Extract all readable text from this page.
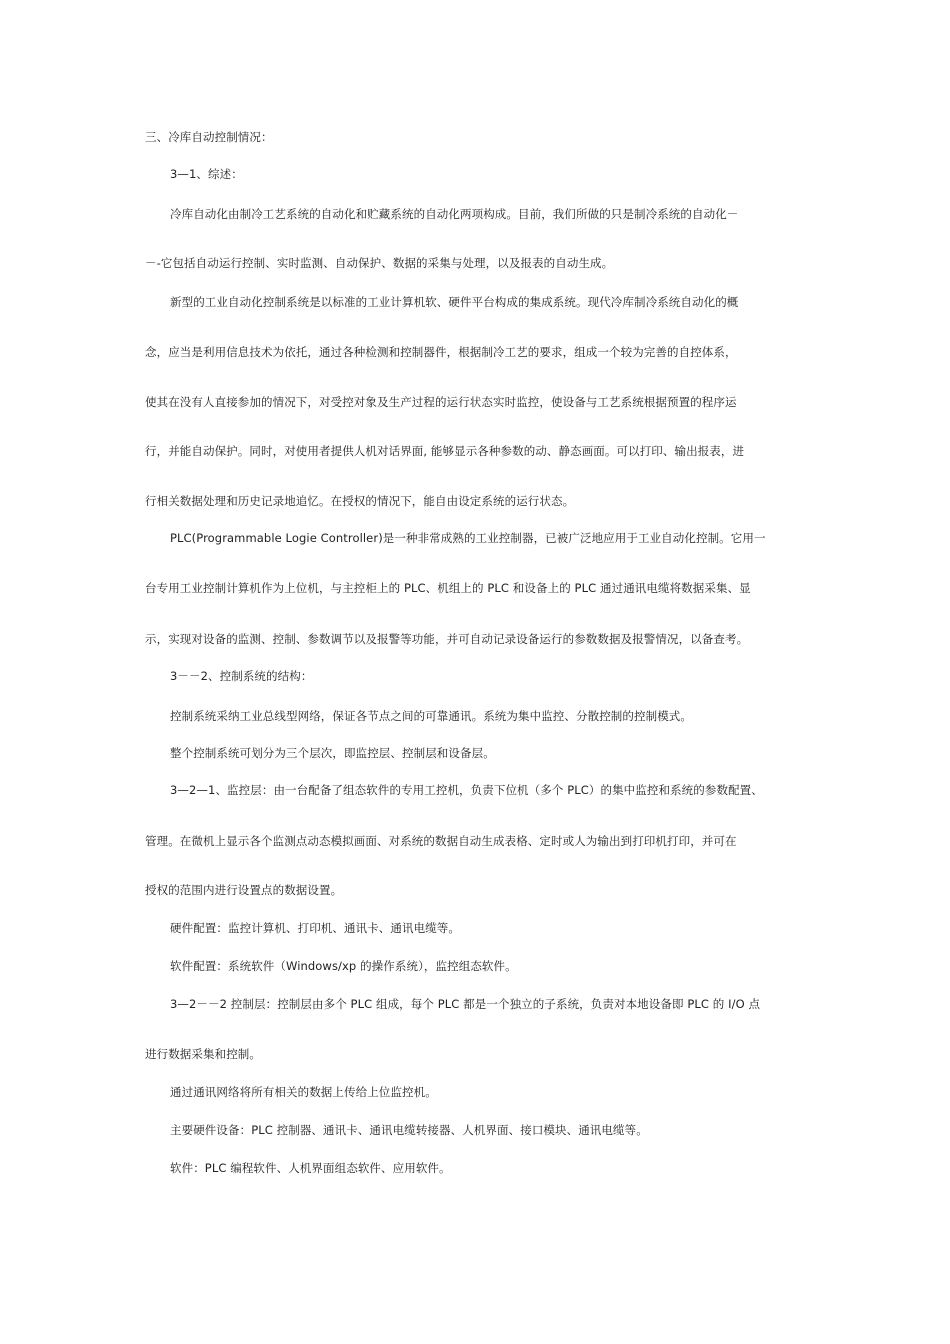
三、冷库自动控制情况：
3—1、综述：
冷库自动化由制冷工艺系统的自动化和贮藏系统的自动化两项构成。目前，我们所做的只是制冷系统的自动化－
－-它包括自动运行控制、实时监测、自动保护、数据的采集与处理，以及报表的自动生成。
新型的工业自动化控制系统是以标准的工业计算机软、硬件平台构成的集成系统。现代冷库制冷系统自动化的概
念，应当是利用信息技术为依托，通过各种检测和控制器件，根据制冷工艺的要求，组成一个较为完善的自控体系，
使其在没有人直接参加的情况下，对受控对象及生产过程的运行状态实时监控，使设备与工艺系统根据预置的程序运
行，并能自动保护。同时，对使用者提供人机对话界面, 能够显示各种参数的动、静态画面。可以打印、输出报表，进
行相关数据处理和历史记录地追忆。在授权的情况下，能自由设定系统的运行状态。
PLC(Programmable Logie Controller)是一种非常成熟的工业控制器，已被广泛地应用于工业自动化控制。它用一
台专用工业控制计算机作为上位机，与主控柜上的 PLC、机组上的 PLC 和设备上的 PLC 通过通讯电缆将数据采集、显
示，实现对设备的监测、控制、参数调节以及报警等功能，并可自动记录设备运行的参数数据及报警情况，以备查考。
3－－2、控制系统的结构：
控制系统采纳工业总线型网络，保证各节点之间的可靠通讯。系统为集中监控、分散控制的控制模式。
整个控制系统可划分为三个层次，即监控层、控制层和设备层。
3—2—1、监控层：由一台配备了组态软件的专用工控机，负责下位机（多个 PLC）的集中监控和系统的参数配置、
管理。在微机上显示各个监测点动态模拟画面、对系统的数据自动生成表格、定时或人为输出到打印机打印，并可在
授权的范围内进行设置点的数据设置。
硬件配置：监控计算机、打印机、通讯卡、通讯电缆等。
软件配置：系统软件（Windows/xp 的操作系统），监控组态软件。
3—2－－2 控制层：控制层由多个 PLC 组成，每个 PLC 都是一个独立的子系统，负责对本地设备即 PLC 的 I/O 点
进行数据采集和控制。
通过通讯网络将所有相关的数据上传给上位监控机。
主要硬件设备：PLC 控制器、通讯卡、通讯电缆转接器、人机界面、接口模块、通讯电缆等。
软件：PLC 编程软件、人机界面组态软件、应用软件。
